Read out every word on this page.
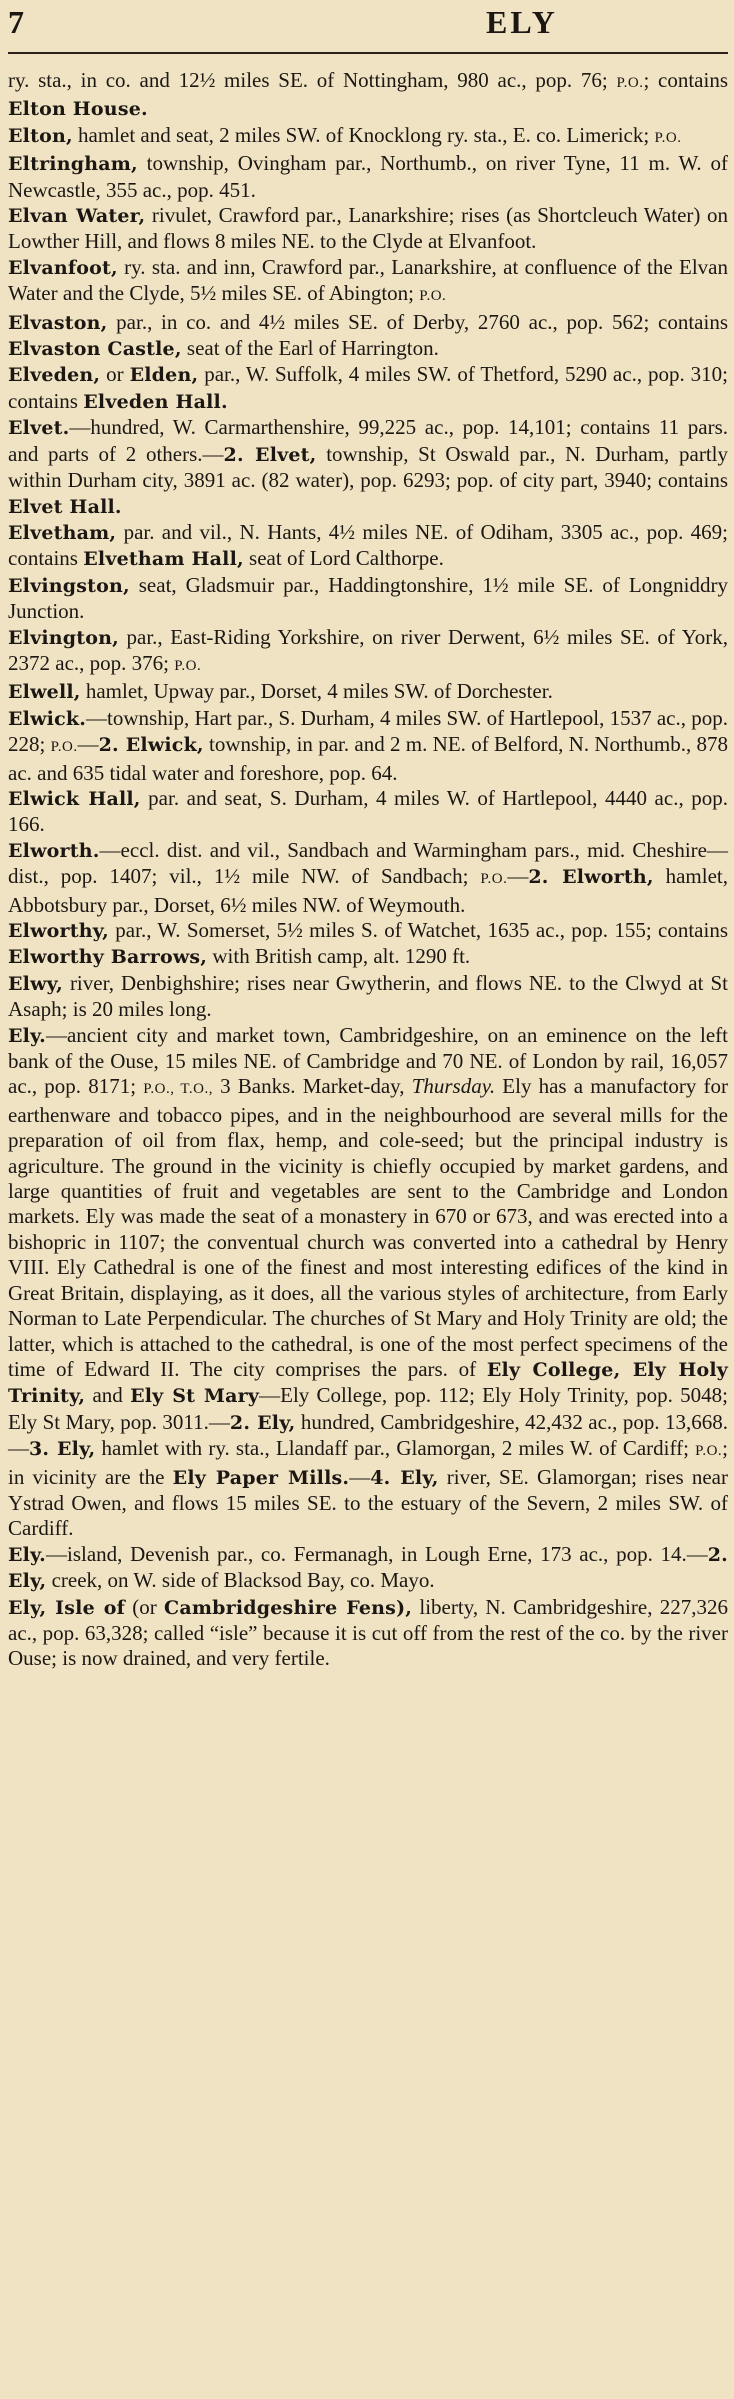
7	ELY

ry. sta., in co. and 12½ miles SE. of Nottingham, 980 ac., pop. 76; P.O.; contains Elton House.

Elton, hamlet and seat, 2 miles SW. of Knocklong ry. sta., E. co. Limerick; P.O.

Eltringham, township, Ovingham par., Northumb., on river Tyne, 11 m. W. of Newcastle, 355 ac., pop. 451.

Elvan Water, rivulet, Crawford par., Lanarkshire; rises (as Shortcleuch Water) on Lowther Hill, and flows 8 miles NE. to the Clyde at Elvanfoot.

Elvanfoot, ry. sta. and inn, Crawford par., Lanarkshire, at confluence of the Elvan Water and the Clyde, 5½ miles SE. of Abington; P.O.

Elvaston, par., in co. and 4½ miles SE. of Derby, 2760 ac., pop. 562; contains Elvaston Castle, seat of the Earl of Harrington.

Elveden, or Elden, par., W. Suffolk, 4 miles SW. of Thetford, 5290 ac., pop. 310; contains Elveden Hall.

Elvet.—hundred, W. Carmarthenshire, 99,225 ac., pop. 14,101; contains 11 pars. and parts of 2 others.—2. Elvet, township, St Oswald par., N. Durham, partly within Durham city, 3891 ac. (82 water), pop. 6293; pop. of city part, 3940; contains Elvet Hall.

Elvetham, par. and vil., N. Hants, 4½ miles NE. of Odiham, 3305 ac., pop. 469; contains Elvetham Hall, seat of Lord Calthorpe.

Elvingston, seat, Gladsmuir par., Haddingtonshire, 1½ mile SE. of Longniddry Junction.

Elvington, par., East-Riding Yorkshire, on river Derwent, 6½ miles SE. of York, 2372 ac., pop. 376; P.O.

Elwell, hamlet, Upway par., Dorset, 4 miles SW. of Dorchester.

Elwick.—township, Hart par., S. Durham, 4 miles SW. of Hartlepool, 1537 ac., pop. 228; P.O.—2. Elwick, township, in par. and 2 m. NE. of Belford, N. Northumb., 878 ac. and 635 tidal water and foreshore, pop. 64.

Elwick Hall, par. and seat, S. Durham, 4 miles W. of Hartlepool, 4440 ac., pop. 166.

Elworth.—eccl. dist. and vil., Sandbach and Warmingham pars., mid. Cheshire—dist., pop. 1407; vil., 1½ mile NW. of Sandbach; P.O.—2. Elworth, hamlet, Abbotsbury par., Dorset, 6½ miles NW. of Weymouth.

Elworthy, par., W. Somerset, 5½ miles S. of Watchet, 1635 ac., pop. 155; contains Elworthy Barrows, with British camp, alt. 1290 ft.

Elwy, river, Denbighshire; rises near Gwytherin, and flows NE. to the Clwyd at St Asaph; is 20 miles long.

Ely.—ancient city and market town, Cambridgeshire, on an eminence on the left bank of the Ouse, 15 miles NE. of Cambridge and 70 NE. of London by rail, 16,057 ac., pop. 8171; P.O., T.O., 3 Banks. Market-day, Thursday. Ely has a manufactory for earthenware and tobacco pipes, and in the neighbourhood are several mills for the preparation of oil from flax, hemp, and cole-seed; but the principal industry is agriculture. The ground in the vicinity is chiefly occupied by market gardens, and large quantities of fruit and vegetables are sent to the Cambridge and London markets. Ely was made the seat of a monastery in 670 or 673, and was erected into a bishopric in 1107; the conventual church was converted into a cathedral by Henry VIII. Ely Cathedral is one of the finest and most interesting edifices of the kind in Great Britain, displaying, as it does, all the various styles of architecture, from Early Norman to Late Perpendicular. The churches of St Mary and Holy Trinity are old; the latter, which is attached to the cathedral, is one of the most perfect specimens of the time of Edward II. The city comprises the pars. of Ely College, Ely Holy Trinity, and Ely St Mary—Ely College, pop. 112; Ely Holy Trinity, pop. 5048; Ely St Mary, pop. 3011.—2. Ely, hundred, Cambridgeshire, 42,432 ac., pop. 13,668.—3. Ely, hamlet with ry. sta., Llandaff par., Glamorgan, 2 miles W. of Cardiff; P.O.; in vicinity are the Ely Paper Mills.—4. Ely, river, SE. Glamorgan; rises near Ystrad Owen, and flows 15 miles SE. to the estuary of the Severn, 2 miles SW. of Cardiff.

Ely.—island, Devenish par., co. Fermanagh, in Lough Erne, 173 ac., pop. 14.—2. Ely, creek, on W. side of Blacksod Bay, co. Mayo.

Ely, Isle of (or Cambridgeshire Fens), liberty, N. Cambridgeshire, 227,326 ac., pop. 63,328; called “isle” because it is cut off from the rest of the co. by the river Ouse; is now drained, and very fertile.
